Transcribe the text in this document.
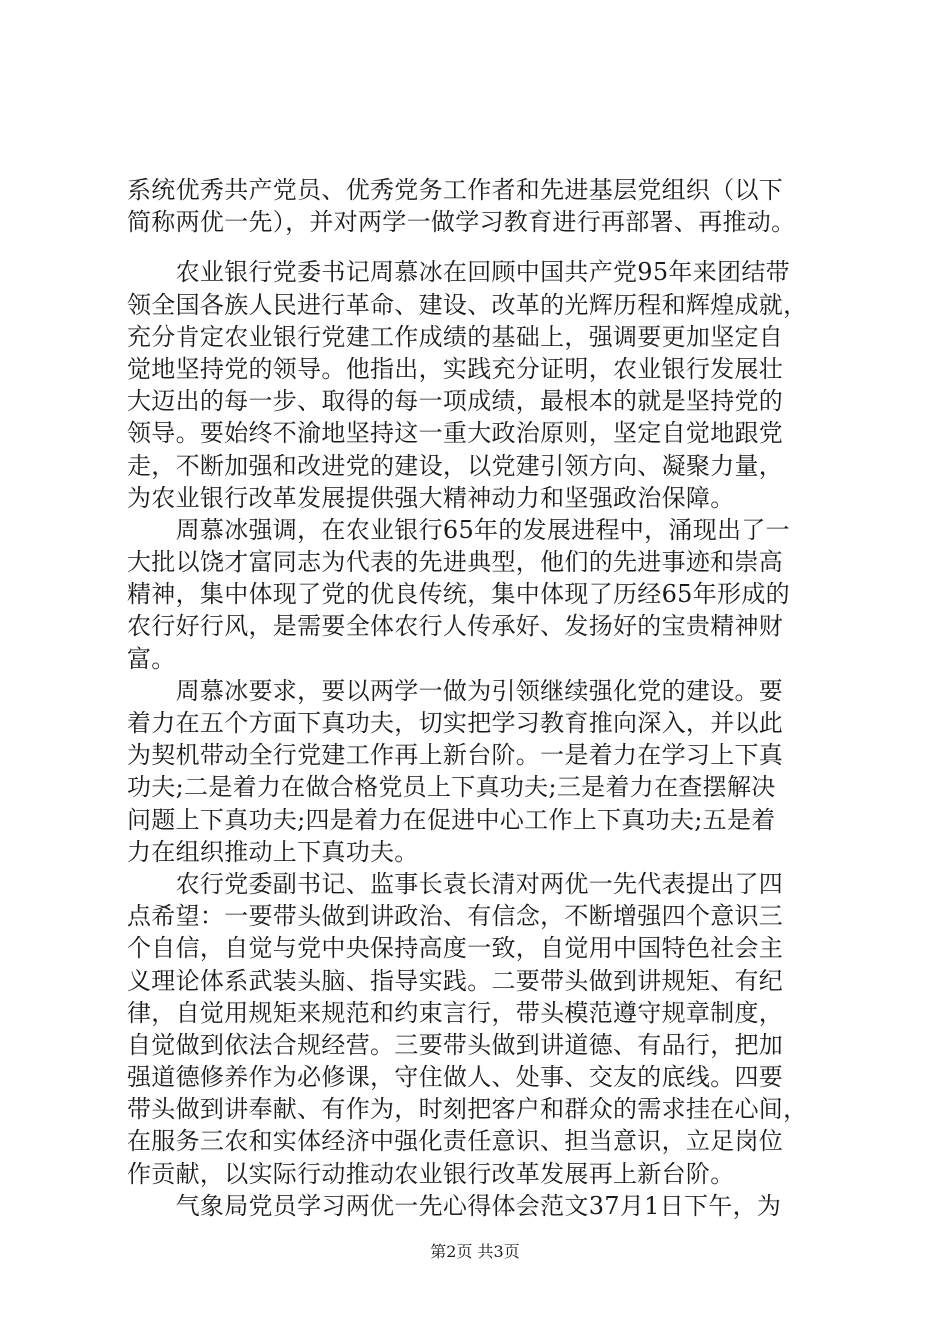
系统优秀共产党员、优秀党务工作者和先进基层党组织（以下
简称两优一先），并对两学一做学习教育进行再部署、再推动。
　　农业银行党委书记周慕冰在回顾中国共产党95年来团结带
领全国各族人民进行革命、建设、改革的光辉历程和辉煌成就，
充分肯定农业银行党建工作成绩的基础上，强调要更加坚定自
觉地坚持党的领导。他指出，实践充分证明，农业银行发展壮
大迈出的每一步、取得的每一项成绩，最根本的就是坚持党的
领导。要始终不渝地坚持这一重大政治原则，坚定自觉地跟党
走，不断加强和改进党的建设，以党建引领方向、凝聚力量，
为农业银行改革发展提供强大精神动力和坚强政治保障。
　　周慕冰强调，在农业银行65年的发展进程中，涌现出了一
大批以饶才富同志为代表的先进典型，他们的先进事迹和崇高
精神，集中体现了党的优良传统，集中体现了历经65年形成的
农行好行风，是需要全体农行人传承好、发扬好的宝贵精神财
富。
　　周慕冰要求，要以两学一做为引领继续强化党的建设。要
着力在五个方面下真功夫，切实把学习教育推向深入，并以此
为契机带动全行党建工作再上新台阶。一是着力在学习上下真
功夫;二是着力在做合格党员上下真功夫;三是着力在查摆解决
问题上下真功夫;四是着力在促进中心工作上下真功夫;五是着
力在组织推动上下真功夫。
　　农行党委副书记、监事长袁长清对两优一先代表提出了四
点希望：一要带头做到讲政治、有信念，不断增强四个意识三
个自信，自觉与党中央保持高度一致，自觉用中国特色社会主
义理论体系武装头脑、指导实践。二要带头做到讲规矩、有纪
律，自觉用规矩来规范和约束言行，带头模范遵守规章制度，
自觉做到依法合规经营。三要带头做到讲道德、有品行，把加
强道德修养作为必修课，守住做人、处事、交友的底线。四要
带头做到讲奉献、有作为，时刻把客户和群众的需求挂在心间，
在服务三农和实体经济中强化责任意识、担当意识，立足岗位
作贡献，以实际行动推动农业银行改革发展再上新台阶。
　　气象局党员学习两优一先心得体会范文37月1日下午，为
第2页 共3页
